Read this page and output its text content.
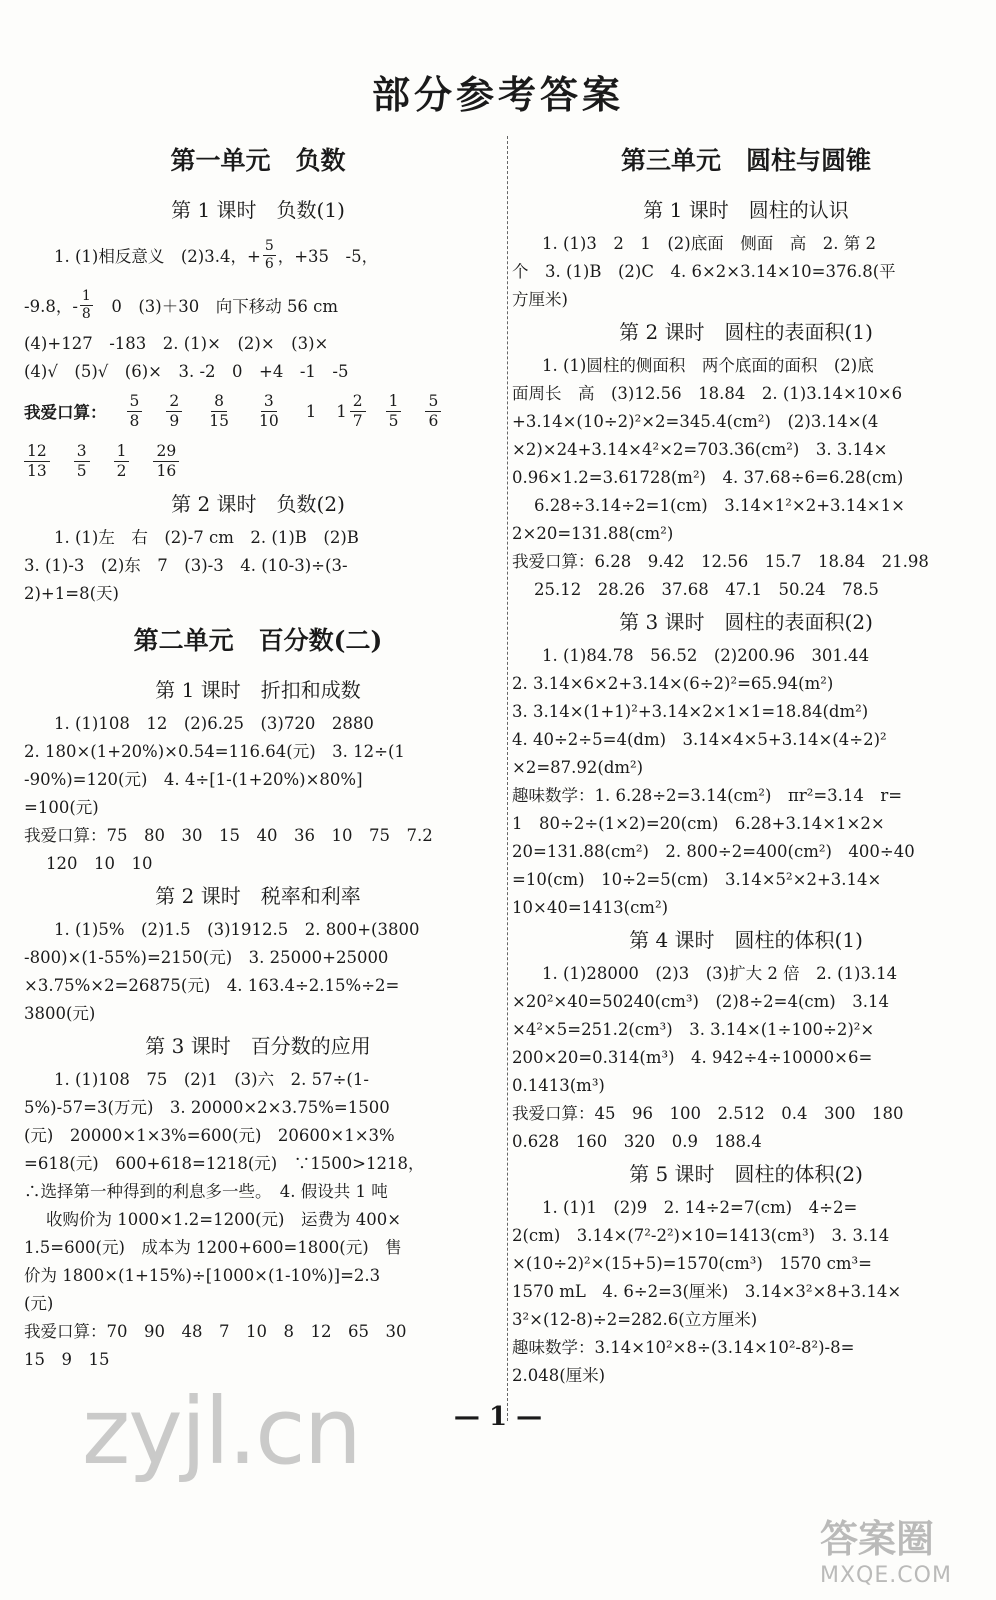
部分参考答案
第一单元　负数
第 1 课时　负数(1)
1. (1)相反意义　(2)3.4，+ $\frac{5}{6}$ ，+35　-5，
-9.8，- $\frac{1}{8}$ 　0　(3)＋30　向下移动 56 cm
(4)+127　-183　2. (1)×　(2)×　(3)×
(4)√　(5)√　(6)×　3. -2　0　+4　-1　-5
我爱口算： $\frac{5}{8} \frac{2}{9} \frac{8}{15} \frac{3}{10} 1$ $1 \frac{2}{7} \frac{1}{5} \frac{5}{6}$
$\frac{12}{13} \frac{3}{5} \frac{1}{2} \frac{29}{16}$
第 2 课时　负数(2)
1. (1)左　右　(2)-7 cm　2. (1)B　(2)B
3. (1)-3　(2)东　7　(3)-3　4. (10-3)÷(3-
2)+1=8(天)
第二单元　百分数(二)
第 1 课时　折扣和成数
1. (1)108　12　(2)6.25　(3)720　2880
2. 180×(1+20%)×0.54=116.64(元)　3. 12÷(1
-90%)=120(元)　4. 4÷[1-(1+20%)×80%]
=100(元)
我爱口算：75　80　30　15　40　36　10　75　7.2
120　10　10
第 2 课时　税率和利率
1. (1)5%　(2)1.5　(3)1912.5　2. 800+(3800
-800)×(1-55%)=2150(元)　3. 25000+25000
×3.75%×2=26875(元)　4. 163.4÷2.15%÷2=
3800(元)
第 3 课时　百分数的应用
1. (1)108　75　(2)1　(3)六　2. 57÷(1-
5%)-57=3(万元)　3. 20000×2×3.75%=1500
(元)　20000×1×3%=600(元)　20600×1×3%
=618(元)　600+618=1218(元)　∵1500>1218，
∴选择第一种得到的利息多一些。　4. 假设共 1 吨
收购价为 1000×1.2=1200(元)　运费为 400×
1.5=600(元)　成本为 1200+600=1800(元)　售
价为 1800×(1+15%)÷[1000×(1-10%)]=2.3
(元)
我爱口算：70　90　48　7　10　8　12　65　30
15　9　15
第三单元　圆柱与圆锥
第 1 课时　圆柱的认识
1. (1)3　2　1　(2)底面　侧面　高　2. 第 2
个　3. (1)B　(2)C　4. 6×2×3.14×10=376.8(平
方厘米)
第 2 课时　圆柱的表面积(1)
1. (1)圆柱的侧面积　两个底面的面积　(2)底
面周长　高　(3)12.56　18.84　2. (1)3.14×10×6
+3.14×(10÷2)²×2=345.4(cm²)　(2)3.14×(4
×2)×24+3.14×4²×2=703.36(cm²)　3. 3.14×
0.96×1.2=3.61728(m²)　4. 37.68÷6=6.28(cm)
6.28÷3.14÷2=1(cm)　3.14×1²×2+3.14×1×
2×20=131.88(cm²)
我爱口算：6.28　9.42　12.56　15.7　18.84　21.98
25.12　28.26　37.68　47.1　50.24　78.5
第 3 课时　圆柱的表面积(2)
1. (1)84.78　56.52　(2)200.96　301.44
2. 3.14×6×2+3.14×(6÷2)²=65.94(m²)
3. 3.14×(1+1)²+3.14×2×1×1=18.84(dm²)
4. 40÷2÷5=4(dm)　3.14×4×5+3.14×(4÷2)²
×2=87.92(dm²)
趣味数学：1. 6.28÷2=3.14(cm²)　πr²=3.14　r=
1　80÷2÷(1×2)=20(cm)　6.28+3.14×1×2×
20=131.88(cm²)　2. 800÷2=400(cm²)　400÷40
=10(cm)　10÷2=5(cm)　3.14×5²×2+3.14×
10×40=1413(cm²)
第 4 课时　圆柱的体积(1)
1. (1)28000　(2)3　(3)扩大 2 倍　2. (1)3.14
×20²×40=50240(cm³)　(2)8÷2=4(cm)　3.14
×4²×5=251.2(cm³)　3. 3.14×(1÷100÷2)²×
200×20=0.314(m³)　4. 942÷4÷10000×6=
0.1413(m³)
我爱口算：45　96　100　2.512　0.4　300　180
0.628　160　320　0.9　188.4
第 5 课时　圆柱的体积(2)
1. (1)1　(2)9　2. 14÷2=7(cm)　4÷2=
2(cm)　3.14×(7²-2²)×10=1413(cm³)　3. 3.14
×(10÷2)²×(15+5)=1570(cm³)　1570 cm³=
1570 mL　4. 6÷2=3(厘米)　3.14×3²×8+3.14×
3²×(12-8)÷2=282.6(立方厘米)
趣味数学：3.14×10²×8÷(3.14×10²-8²)-8=
2.048(厘米)
— 1 —
zyjl.cn
答案圈
MXQE.COM
